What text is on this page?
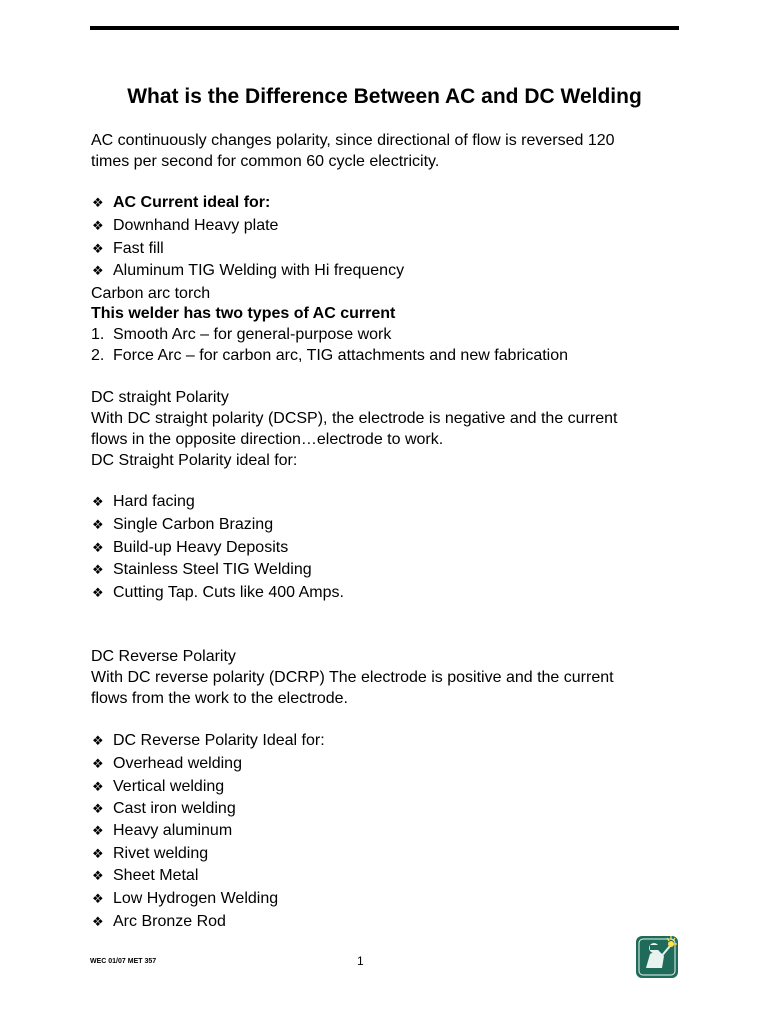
What is the Difference Between AC and DC Welding
AC continuously changes polarity, since directional of flow is reversed 120
times per second for common 60 cycle electricity.
❖ AC Current ideal for:
❖ Downhand Heavy plate
❖ Fast fill
❖ Aluminum TIG Welding with Hi frequency
Carbon arc torch
This welder has two types of AC current
1. Smooth Arc – for general-purpose work
2. Force Arc – for carbon arc, TIG attachments and new fabrication
DC straight Polarity
With DC straight polarity (DCSP), the electrode is negative and the current
flows in the opposite direction…electrode to work.
DC Straight Polarity ideal for:
❖ Hard facing
❖ Single Carbon Brazing
❖ Build-up Heavy Deposits
❖ Stainless Steel TIG Welding
❖ Cutting Tap. Cuts like 400 Amps.
DC Reverse Polarity
With DC reverse polarity (DCRP) The electrode is positive and the current
flows from the work to the electrode.
❖ DC Reverse Polarity Ideal for:
❖ Overhead welding
❖ Vertical welding
❖ Cast iron welding
❖ Heavy aluminum
❖ Rivet welding
❖ Sheet Metal
❖ Low Hydrogen Welding
❖ Arc Bronze Rod
WEC 01/07 MET 357	1
